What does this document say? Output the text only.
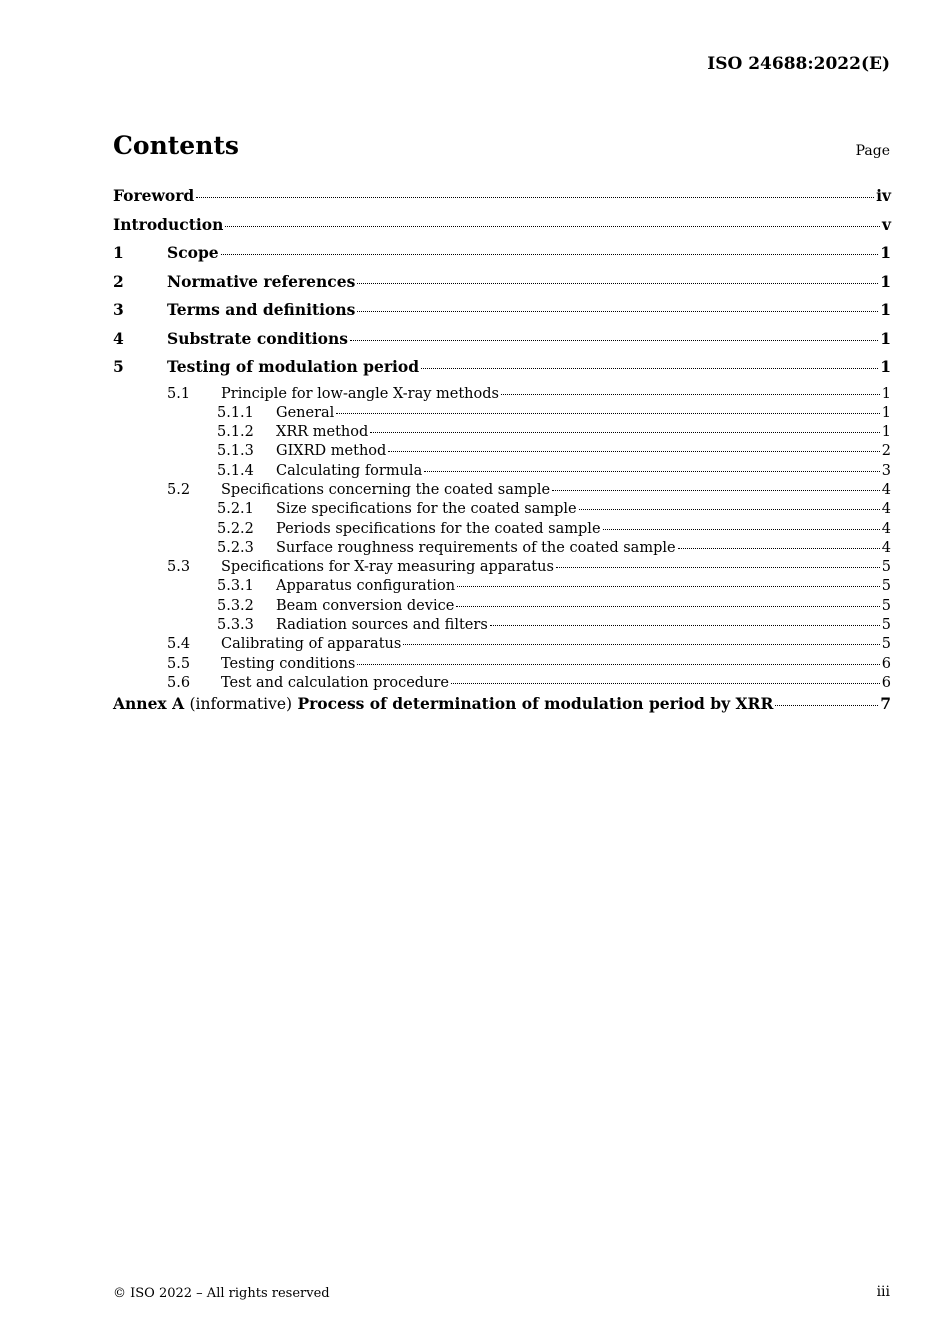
ISO 24688:2022(E)
Contents	Page
Foreword	iv
Introduction	v
1	Scope	1
2	Normative references	1
3	Terms and definitions	1
4	Substrate conditions	1
5	Testing of modulation period	1
5.1	Principle for low-angle X-ray methods	1
5.1.1	General	1
5.1.2	XRR method	1
5.1.3	GIXRD method	2
5.1.4	Calculating formula	3
5.2	Specifications concerning the coated sample	4
5.2.1	Size specifications for the coated sample	4
5.2.2	Periods specifications for the coated sample	4
5.2.3	Surface roughness requirements of the coated sample	4
5.3	Specifications for X-ray measuring apparatus	5
5.3.1	Apparatus configuration	5
5.3.2	Beam conversion device	5
5.3.3	Radiation sources and filters	5
5.4	Calibrating of apparatus	5
5.5	Testing conditions	6
5.6	Test and calculation procedure	6
Annex A (informative) Process of determination of modulation period by XRR	7
© ISO 2022 – All rights reserved	iii
